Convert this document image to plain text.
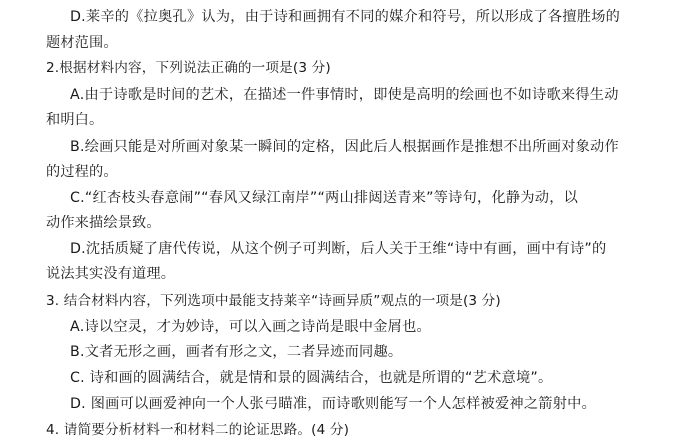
D.莱辛的《拉奥孔》认为，由于诗和画拥有不同的媒介和符号，所以形成了各擅胜场的
题材范围。
2.根据材料内容，下列说法正确的一项是(3 分)
A.由于诗歌是时间的艺术，在描述一件事情时，即使是高明的绘画也不如诗歌来得生动
和明白。
B.绘画只能是对所画对象某一瞬间的定格，因此后人根据画作是推想不出所画对象动作
的过程的。
C.“红杏枝头春意闹”“春风又绿江南岸”“两山排闼送青来”等诗句，化静为动，以
动作来描绘景致。
D.沈括质疑了唐代传说，从这个例子可判断，后人关于王维“诗中有画，画中有诗”的
说法其实没有道理。
3. 结合材料内容，下列选项中最能支持莱辛“诗画异质”观点的一项是(3 分)
A.诗以空灵，才为妙诗，可以入画之诗尚是眼中金屑也。
B.文者无形之画，画者有形之文，二者异迹而同趣。
C. 诗和画的圆满结合，就是情和景的圆满结合，也就是所谓的“艺术意境”。
D. 图画可以画爱神向一个人张弓瞄准，而诗歌则能写一个人怎样被爱神之箭射中。
4. 请简要分析材料一和材料二的论证思路。(4 分)
